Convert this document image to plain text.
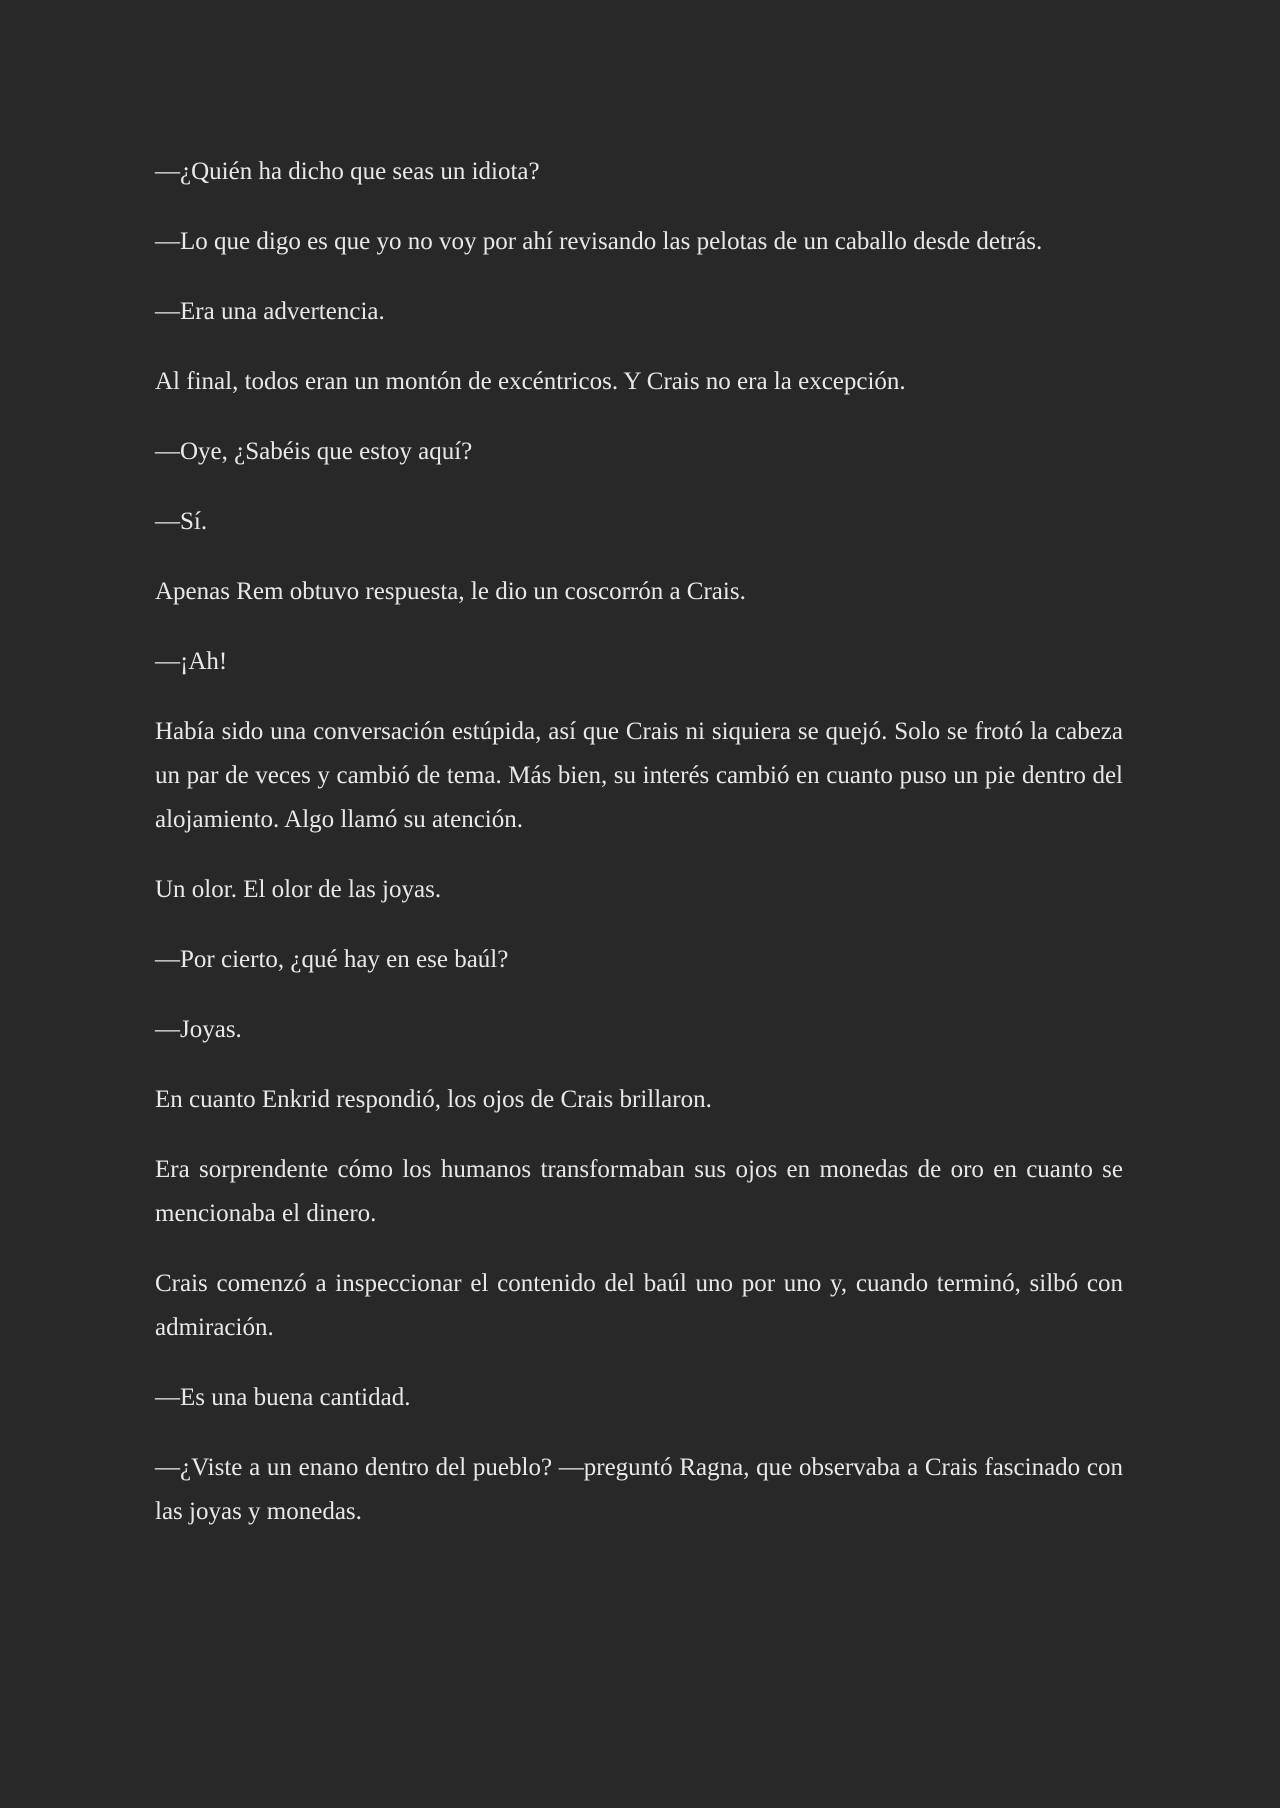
—¿Quién ha dicho que seas un idiota?

—Lo que digo es que yo no voy por ahí revisando las pelotas de un caballo desde detrás.

—Era una advertencia.

Al final, todos eran un montón de excéntricos. Y Crais no era la excepción.

—Oye, ¿Sabéis que estoy aquí?

—Sí.

Apenas Rem obtuvo respuesta, le dio un coscorrón a Crais.

—¡Ah!

Había sido una conversación estúpida, así que Crais ni siquiera se quejó. Solo se frotó la cabeza un par de veces y cambió de tema. Más bien, su interés cambió en cuanto puso un pie dentro del alojamiento. Algo llamó su atención.

Un olor. El olor de las joyas.

—Por cierto, ¿qué hay en ese baúl?

—Joyas.

En cuanto Enkrid respondió, los ojos de Crais brillaron.

Era sorprendente cómo los humanos transformaban sus ojos en monedas de oro en cuanto se mencionaba el dinero.

Crais comenzó a inspeccionar el contenido del baúl uno por uno y, cuando terminó, silbó con admiración.

—Es una buena cantidad.

—¿Viste a un enano dentro del pueblo? —preguntó Ragna, que observaba a Crais fascinado con las joyas y monedas.
